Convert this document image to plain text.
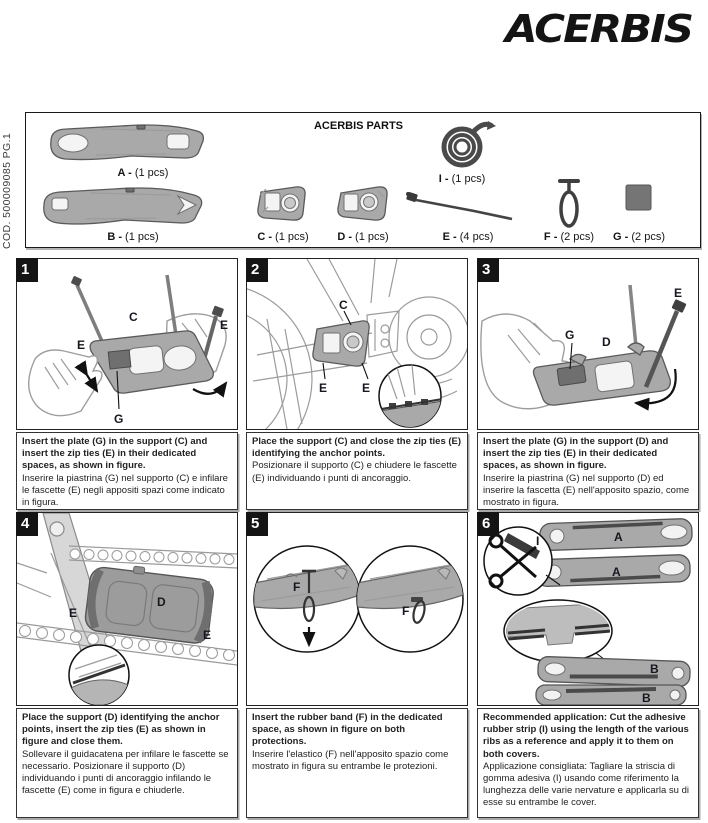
ACERBIS
COD. 500009085 PG.1
ACERBIS PARTS
A - (1 pcs)
B - (1 pcs)	C - (1 pcs)	D - (1 pcs)
I - (1 pcs)
E - (4 pcs)	F - (2 pcs)	G - (2 pcs)
1
C
E
E
G

Insert the plate (G) in the support (C) and insert the zip ties (E) in their dedicated spaces, as shown in figure.

Inserire la piastrina (G) nel supporto (C) e infilare le fascette (E) negli appositi spazi come indicato in figura.

2
C
E	E

Place the support (C) and close the zip ties (E) identifying the anchor points.

Posizionare il supporto (C) e chiudere le fascette (E) individuando i punti di ancoraggio.

3
G D
E

Insert the plate (G) in the support (D) and insert the zip ties (E) in their dedicated spaces, as shown in figure.

Inserire la piastrina (G) nel supporto (D) ed inserire la fascetta (E) nell'apposito spazio, come mostrato in figura.

4
E
D
E

Place the support (D) identifying the anchor points, insert the zip ties (E) as shown in figure and close them.

Sollevare il guidacatena per infilare le fascette se necessario. Posizionare il supporto (D) individuando i punti di ancoraggio infilando le fascette (E) come in figura e chiuderle.

5
F
F

Insert the rubber band (F) in the dedicated space, as shown in figure on both protections.

Inserire l'elastico (F) nell'apposito spazio come mostrato in figura su entrambe le protezioni.

6
A
A
I
B
B

Recommended application: Cut the adhesive rubber strip (I) using the length of the various ribs as a reference and apply it to them on both covers.

Applicazione consigliata: Tagliare la striscia di gomma adesiva (I) usando come riferimento la lunghezza delle varie nervature e applicarla su di esse su entrambe le cover.
